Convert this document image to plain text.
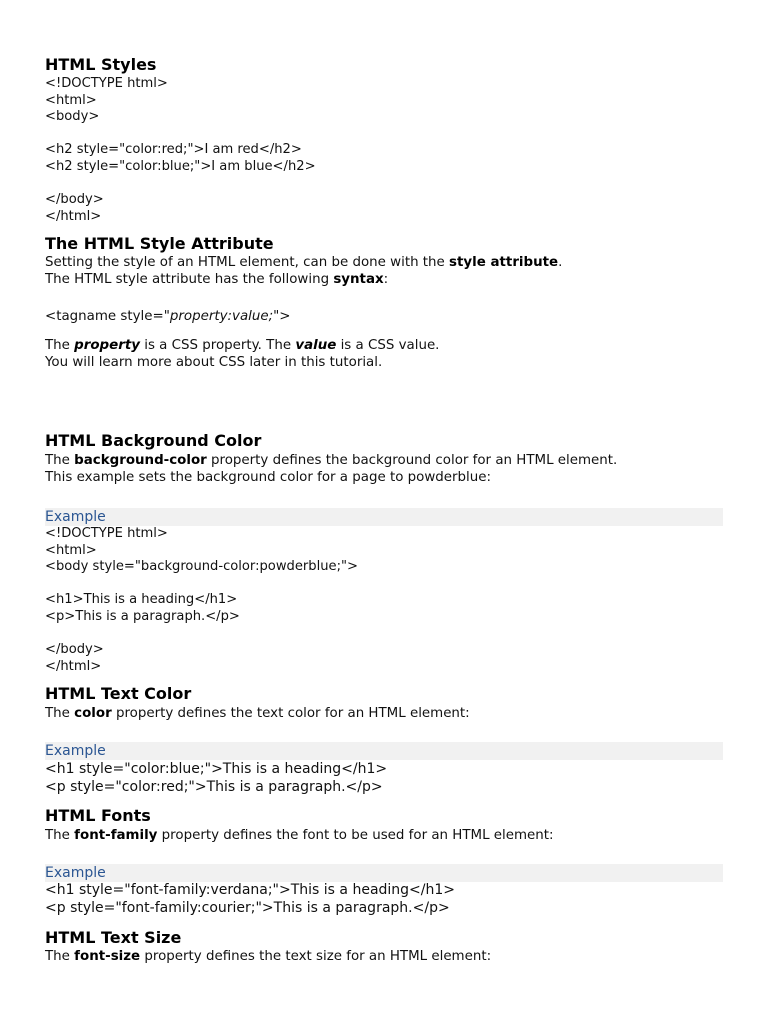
HTML Styles
<!DOCTYPE html>
<html>
<body>
<h2 style="color:red;">I am red</h2>
<h2 style="color:blue;">I am blue</h2>
</body>
</html>
The HTML Style Attribute
Setting the style of an HTML element, can be done with the style attribute.
The HTML style attribute has the following syntax:
<tagname style="property:value;">
The property is a CSS property. The value is a CSS value.
You will learn more about CSS later in this tutorial.
HTML Background Color
The background-color property defines the background color for an HTML element.
This example sets the background color for a page to powderblue:
Example
<!DOCTYPE html>
<html>
<body style="background-color:powderblue;">
<h1>This is a heading</h1>
<p>This is a paragraph.</p>
</body>
</html>
HTML Text Color
The color property defines the text color for an HTML element:
Example
<h1 style="color:blue;">This is a heading</h1>
<p style="color:red;">This is a paragraph.</p>
HTML Fonts
The font-family property defines the font to be used for an HTML element:
Example
<h1 style="font-family:verdana;">This is a heading</h1>
<p style="font-family:courier;">This is a paragraph.</p>
HTML Text Size
The font-size property defines the text size for an HTML element:
